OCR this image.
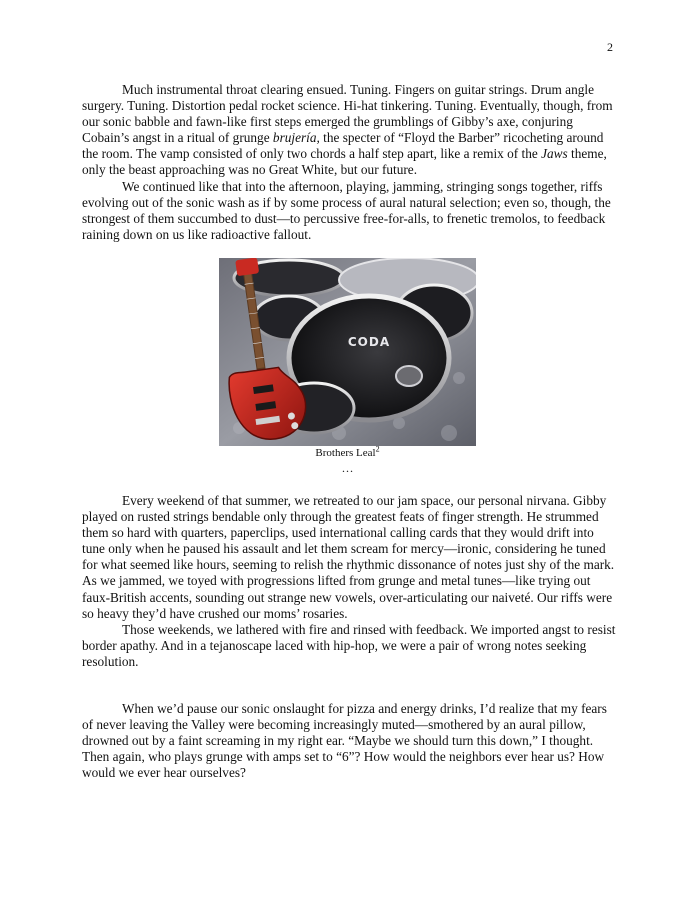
2

Much instrumental throat clearing ensued. Tuning. Fingers on guitar strings. Drum angle surgery. Tuning. Distortion pedal rocket science. Hi-hat tinkering. Tuning. Eventually, though, from our sonic babble and fawn-like first steps emerged the grumblings of Gibby’s axe, conjuring Cobain’s angst in a ritual of grunge brujería, the specter of “Floyd the Barber” ricocheting around the room. The vamp consisted of only two chords a half step apart, like a remix of the Jaws theme, only the beast approaching was no Great White, but our future.

We continued like that into the afternoon, playing, jamming, stringing songs together, riffs evolving out of the sonic wash as if by some process of aural natural selection; even so, though, the strongest of them succumbed to dust—to percussive free-for-alls, to frenetic tremolos, to feedback raining down on us like radioactive fallout.

CODA
Brothers Leal$^2$
…

Every weekend of that summer, we retreated to our jam space, our personal nirvana. Gibby played on rusted strings bendable only through the greatest feats of finger strength. He strummed them so hard with quarters, paperclips, used international calling cards that they would drift into tune only when he paused his assault and let them scream for mercy—ironic, considering he tuned for what seemed like hours, seeming to relish the rhythmic dissonance of notes just shy of the mark. As we jammed, we toyed with progressions lifted from grunge and metal tunes—like trying out faux-British accents, sounding out strange new vowels, over-articulating our naiveté. Our riffs were so heavy they’d have crushed our moms’ rosaries.

Those weekends, we lathered with fire and rinsed with feedback. We imported angst to resist border apathy. And in a tejanoscape laced with hip-hop, we were a pair of wrong notes seeking resolution.

When we’d pause our sonic onslaught for pizza and energy drinks, I’d realize that my fears of never leaving the Valley were becoming increasingly muted—smothered by an aural pillow, drowned out by a faint screaming in my right ear. “Maybe we should turn this down,” I thought. Then again, who plays grunge with amps set to “6”? How would the neighbors ever hear us? How would we ever hear ourselves?
